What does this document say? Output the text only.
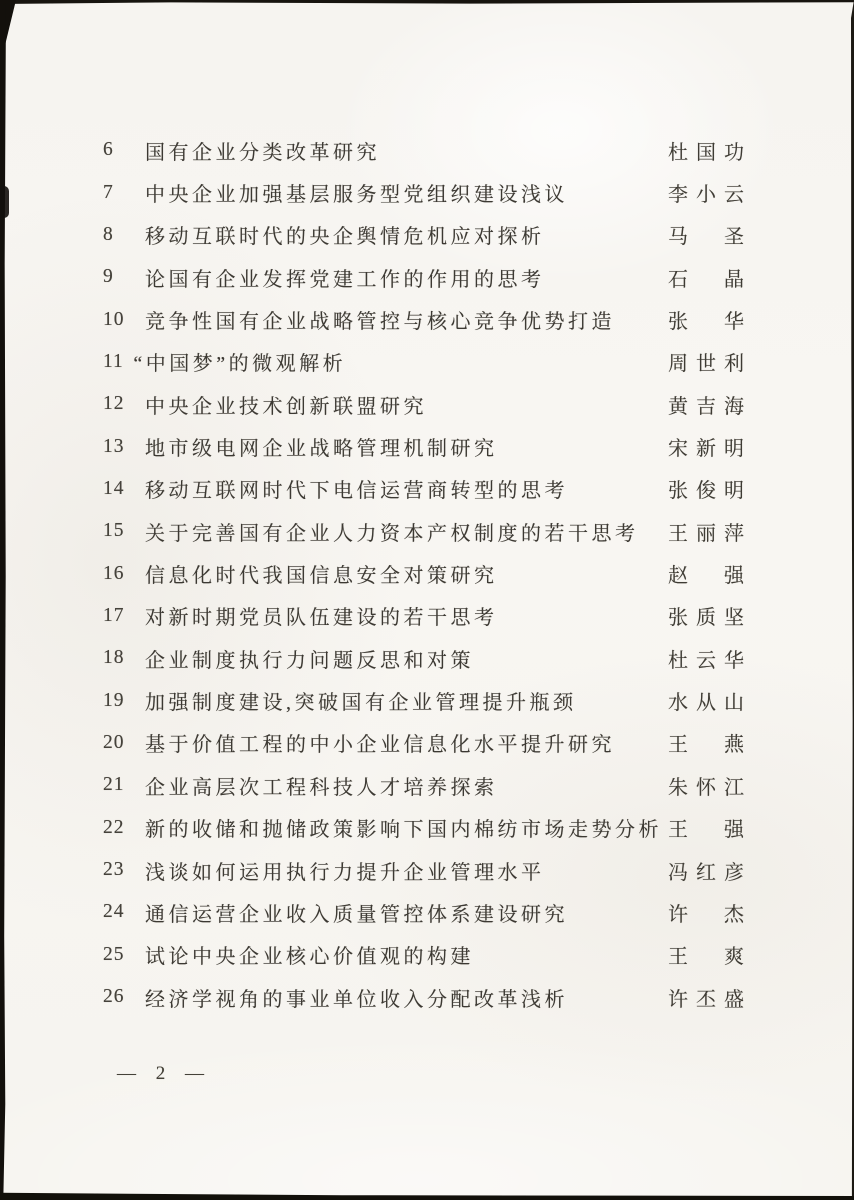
6	国有企业分类改革研究	杜国功
7	中央企业加强基层服务型党组织建设浅议	李小云
8	移动互联时代的央企舆情危机应对探析	马　圣
9	论国有企业发挥党建工作的作用的思考	石　晶
10	竞争性国有企业战略管控与核心竞争优势打造	张　华
11 “中国梦”的微观解析	周世利
12	中央企业技术创新联盟研究	黄吉海
13	地市级电网企业战略管理机制研究	宋新明
14	移动互联网时代下电信运营商转型的思考	张俊明
15	关于完善国有企业人力资本产权制度的若干思考	王丽萍
16	信息化时代我国信息安全对策研究	赵　强
17	对新时期党员队伍建设的若干思考	张质坚
18	企业制度执行力问题反思和对策	杜云华
19	加强制度建设,突破国有企业管理提升瓶颈	水从山
20	基于价值工程的中小企业信息化水平提升研究	王　燕
21	企业高层次工程科技人才培养探索	朱怀江
22	新的收储和抛储政策影响下国内棉纺市场走势分析 王　强
23	浅谈如何运用执行力提升企业管理水平	冯红彦
24	通信运营企业收入质量管控体系建设研究	许　杰
25	试论中央企业核心价值观的构建	王　爽
26	经济学视角的事业单位收入分配改革浅析	许丕盛
— 2 —
